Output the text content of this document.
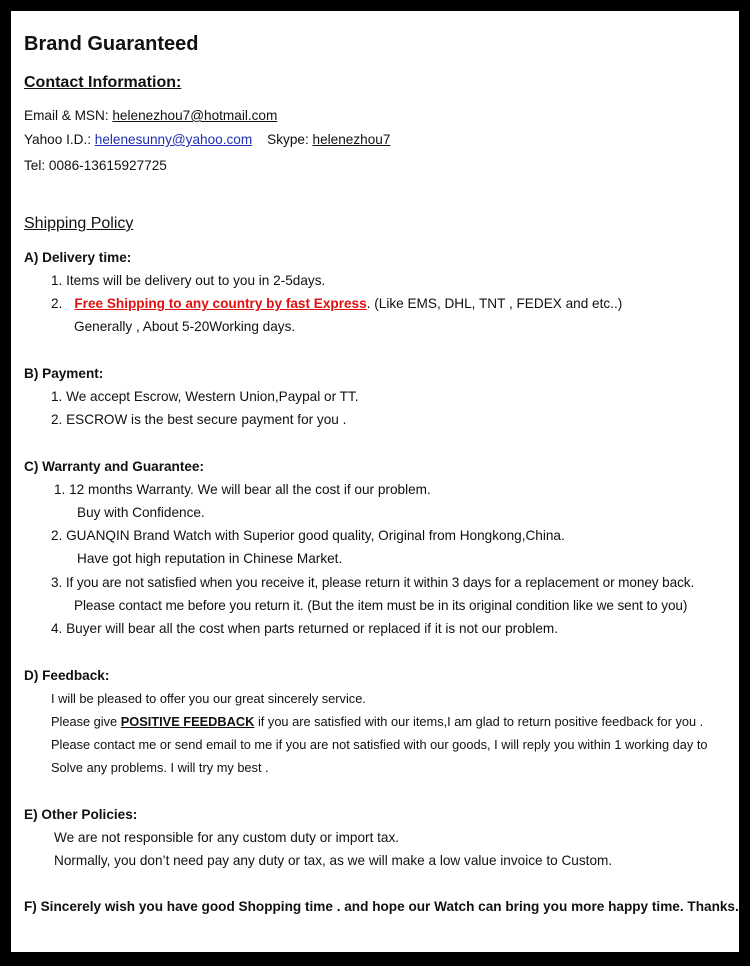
Brand Guaranteed
Contact Information:
Email & MSN: helenezhou7@hotmail.com
Yahoo I.D.: helenesunny@yahoo.com Skype: helenezhou7
Tel: 0086-13615927725
Shipping Policy
A) Delivery time:
1. Items will be delivery out to you in 2-5days.
2. Free Shipping to any country by fast Express. (Like EMS, DHL, TNT , FEDEX and etc..)
Generally , About 5-20Working days.
B) Payment:
1. We accept Escrow, Western Union,Paypal or TT.
2. ESCROW is the best secure payment for you .
C) Warranty and Guarantee:
1. 12 months Warranty. We will bear all the cost if our problem.
Buy with Confidence.
2. GUANQIN Brand Watch with Superior good quality, Original from Hongkong,China.
Have got high reputation in Chinese Market.
3. If you are not satisfied when you receive it, please return it within 3 days for a replacement or money back.
Please contact me before you return it. (But the item must be in its original condition like we sent to you)
4. Buyer will bear all the cost when parts returned or replaced if it is not our problem.
D) Feedback:
I will be pleased to offer you our great sincerely service.
Please give POSITIVE FEEDBACK if you are satisfied with our items,I am glad to return positive feedback for you .
Please contact me or send email to me if you are not satisfied with our goods, I will reply you within 1 working day to
Solve any problems. I will try my best .
E) Other Policies:
We are not responsible for any custom duty or import tax.
Normally, you don’t need pay any duty or tax, as we will make a low value invoice to Custom.
F) Sincerely wish you have good Shopping time . and hope our Watch can bring you more happy time. Thanks.
